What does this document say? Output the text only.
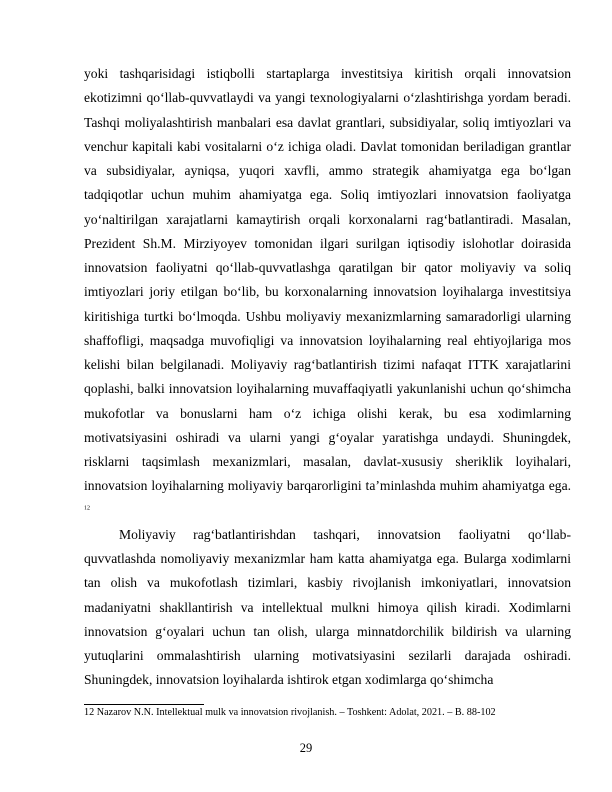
yoki tashqarisidagi istiqbolli startaplarga investitsiya kiritish orqali innovatsion ekotizimni qo‘llab-quvvatlaydi va yangi texnologiyalarni o‘zlashtirishga yordam beradi. Tashqi moliyalashtirish manbalari esa davlat grantlari, subsidiyalar, soliq imtiyozlari va venchur kapitali kabi vositalarni o‘z ichiga oladi. Davlat tomonidan beriladigan grantlar va subsidiyalar, ayniqsa, yuqori xavfli, ammo strategik ahamiyatga ega bo‘lgan tadqiqotlar uchun muhim ahamiyatga ega. Soliq imtiyozlari innovatsion faoliyatga yo‘naltirilgan xarajatlarni kamaytirish orqali korxonalarni rag‘batlantiradi. Masalan, Prezident Sh.M. Mirziyoyev tomonidan ilgari surilgan iqtisodiy islohotlar doirasida innovatsion faoliyatni qo‘llab-quvvatlashga qaratilgan bir qator moliyaviy va soliq imtiyozlari joriy etilgan bo‘lib, bu korxonalarning innovatsion loyihalarga investitsiya kiritishiga turtki bo‘lmoqda. Ushbu moliyaviy mexanizmlarning samaradorligi ularning shaffofligi, maqsadga muvofiqligi va innovatsion loyihalarning real ehtiyojlariga mos kelishi bilan belgilanadi. Moliyaviy rag‘batlantirish tizimi nafaqat ITTK xarajatlarini qoplashi, balki innovatsion loyihalarning muvaffaqiyatli yakunlanishi uchun qo‘shimcha mukofotlar va bonuslarni ham o‘z ichiga olishi kerak, bu esa xodimlarning motivatsiyasini oshiradi va ularni yangi g‘oyalar yaratishga undaydi. Shuningdek, risklarni taqsimlash mexanizmlari, masalan, davlat-xususiy sheriklik loyihalari, innovatsion loyihalarning moliyaviy barqarorligini ta’minlashda muhim ahamiyatga ega. $^{12}$

Moliyaviy rag‘batlantirishdan tashqari, innovatsion faoliyatni qo‘llab-quvvatlashda nomoliyaviy mexanizmlar ham katta ahamiyatga ega. Bularga xodimlarni tan olish va mukofotlash tizimlari, kasbiy rivojlanish imkoniyatlari, innovatsion madaniyatni shakllantirish va intellektual mulkni himoya qilish kiradi. Xodimlarni innovatsion g‘oyalari uchun tan olish, ularga minnatdorchilik bildirish va ularning yutuqlarini ommalashtirish ularning motivatsiyasini sezilarli darajada oshiradi. Shuningdek, innovatsion loyihalarda ishtirok etgan xodimlarga qo‘shimcha

12 Nazarov N.N. Intellektual mulk va innovatsion rivojlanish. – Toshkent: Adolat, 2021. – B. 88-102
29
